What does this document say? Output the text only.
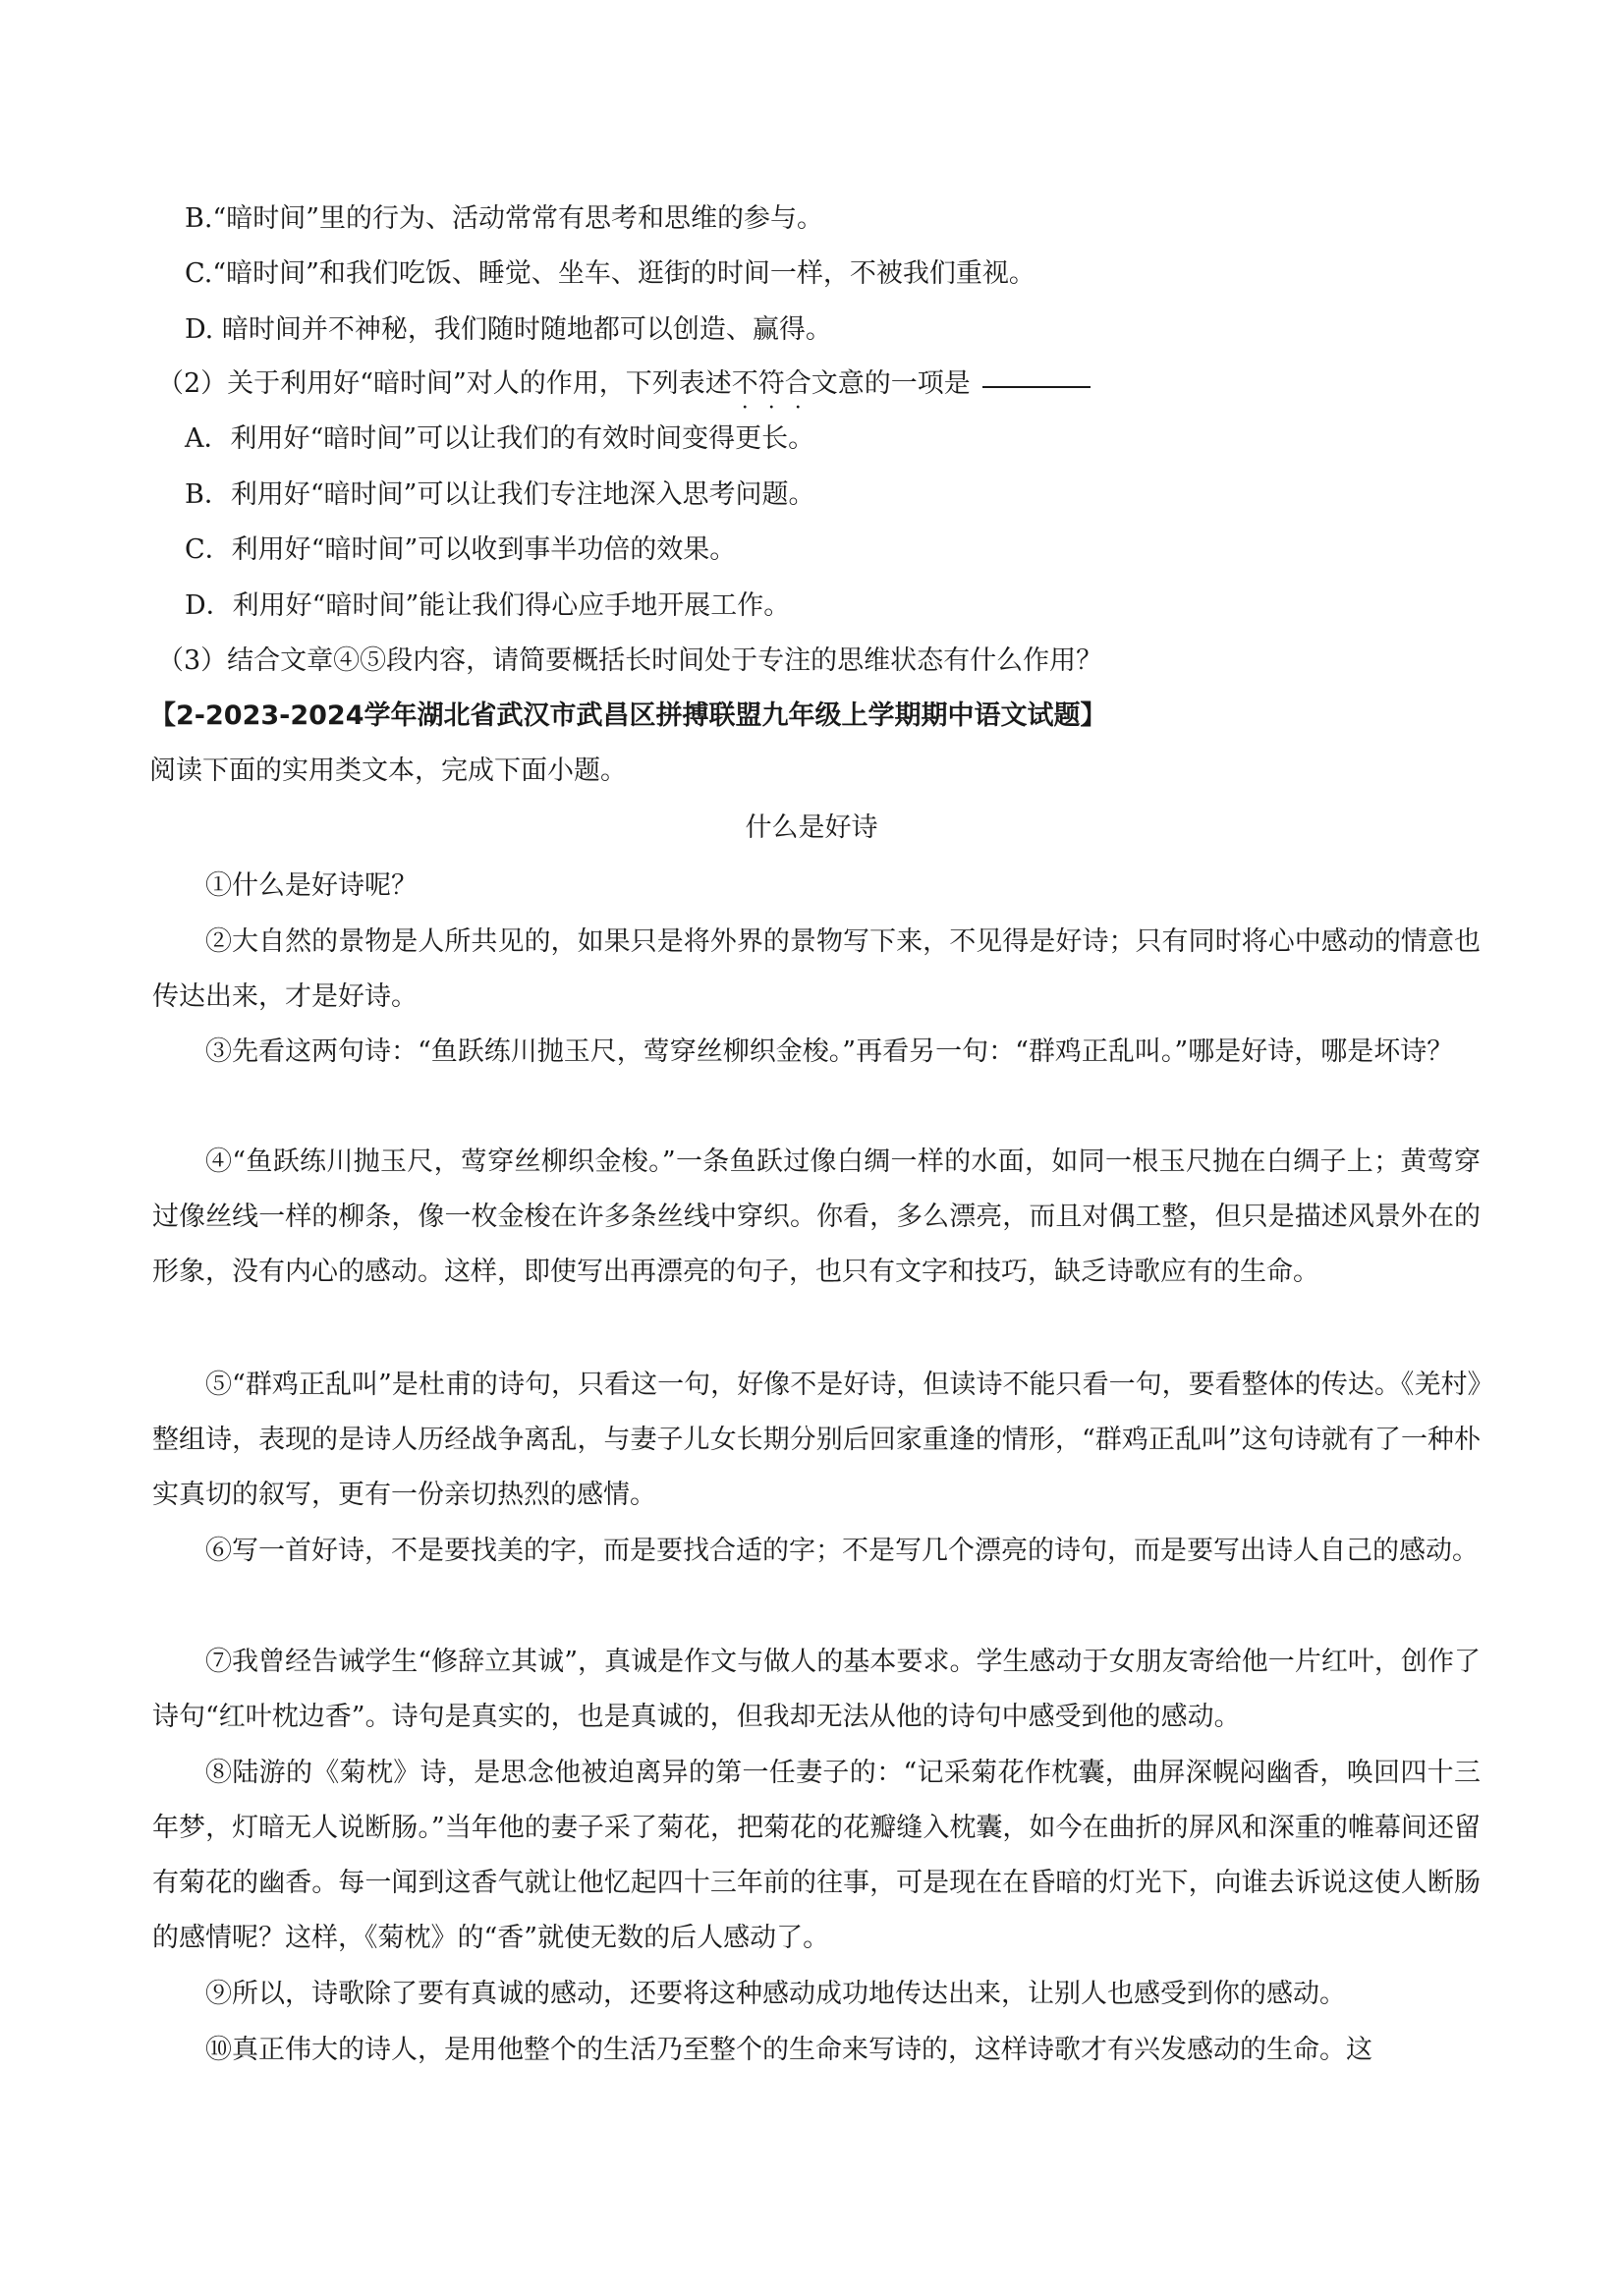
B.“暗时间”里的行为、活动常常有思考和思维的参与。
C.“暗时间”和我们吃饭、睡觉、坐车、逛街的时间一样，不被我们重视。
D. 暗时间并不神秘，我们随时随地都可以创造、赢得。
（2）关于利用好“暗时间”对人的作用，下列表述不符合文意的一项是
A．利用好“暗时间”可以让我们的有效时间变得更长。
B．利用好“暗时间”可以让我们专注地深入思考问题。
C．利用好“暗时间”可以收到事半功倍的效果。
D．利用好“暗时间”能让我们得心应手地开展工作。
（3）结合文章④⑤段内容，请简要概括长时间处于专注的思维状态有什么作用？
【2-2023-2024学年湖北省武汉市武昌区拼搏联盟九年级上学期期中语文试题】
阅读下面的实用类文本，完成下面小题。
什么是好诗
①什么是好诗呢？
②大自然的景物是人所共见的，如果只是将外界的景物写下来，不见得是好诗；只有同时将心中感动的情意也传达出来，才是好诗。
③先看这两句诗：“鱼跃练川抛玉尺，莺穿丝柳织金梭。”再看另一句：“群鸡正乱叫。”哪是好诗，哪是坏诗？
④“鱼跃练川抛玉尺，莺穿丝柳织金梭。”一条鱼跃过像白绸一样的水面，如同一根玉尺抛在白绸子上；黄莺穿过像丝线一样的柳条，像一枚金梭在许多条丝线中穿织。你看，多么漂亮，而且对偶工整，但只是描述风景外在的形象，没有内心的感动。这样，即使写出再漂亮的句子，也只有文字和技巧，缺乏诗歌应有的生命。
⑤“群鸡正乱叫”是杜甫的诗句，只看这一句，好像不是好诗，但读诗不能只看一句，要看整体的传达。《羌村》整组诗，表现的是诗人历经战争离乱，与妻子儿女长期分别后回家重逢的情形，“群鸡正乱叫”这句诗就有了一种朴实真切的叙写，更有一份亲切热烈的感情。
⑥写一首好诗，不是要找美的字，而是要找合适的字；不是写几个漂亮的诗句，而是要写出诗人自己的感动。
⑦我曾经告诫学生“修辞立其诚”，真诚是作文与做人的基本要求。学生感动于女朋友寄给他一片红叶，创作了诗句“红叶枕边香”。诗句是真实的，也是真诚的，但我却无法从他的诗句中感受到他的感动。
⑧陆游的《菊枕》诗，是思念他被迫离异的第一任妻子的：“记采菊花作枕囊，曲屏深幌闷幽香，唤回四十三年梦，灯暗无人说断肠。”当年他的妻子采了菊花，把菊花的花瓣缝入枕囊，如今在曲折的屏风和深重的帷幕间还留有菊花的幽香。每一闻到这香气就让他忆起四十三年前的往事，可是现在在昏暗的灯光下，向谁去诉说这使人断肠的感情呢？这样，《菊枕》的“香”就使无数的后人感动了。
⑨所以，诗歌除了要有真诚的感动，还要将这种感动成功地传达出来，让别人也感受到你的感动。
⑩真正伟大的诗人，是用他整个的生活乃至整个的生命来写诗的，这样诗歌才有兴发感动的生命。这
